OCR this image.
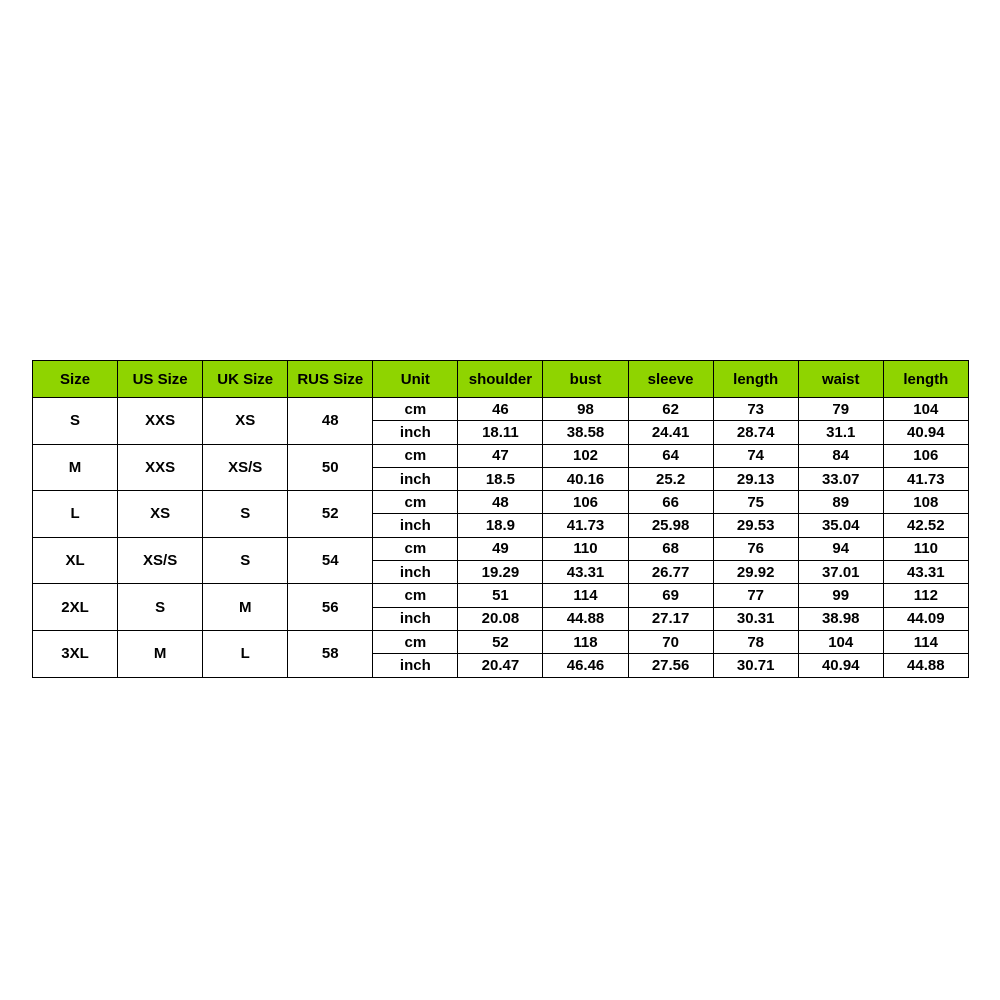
Size	US Size	UK Size	RUS Size	Unit	shoulder	bust	sleeve	length	waist	length
S	XXS	XS	48	cm	46	98	62	73	79	104
				inch	18.11	38.58	24.41	28.74	31.1	40.94
M	XXS	XS/S	50	cm	47	102	64	74	84	106
				inch	18.5	40.16	25.2	29.13	33.07	41.73
L	XS	S	52	cm	48	106	66	75	89	108
				inch	18.9	41.73	25.98	29.53	35.04	42.52
XL	XS/S	S	54	cm	49	110	68	76	94	110
				inch	19.29	43.31	26.77	29.92	37.01	43.31
2XL	S	M	56	cm	51	114	69	77	99	112
				inch	20.08	44.88	27.17	30.31	38.98	44.09
3XL	M	L	58	cm	52	118	70	78	104	114
				inch	20.47	46.46	27.56	30.71	40.94	44.88
